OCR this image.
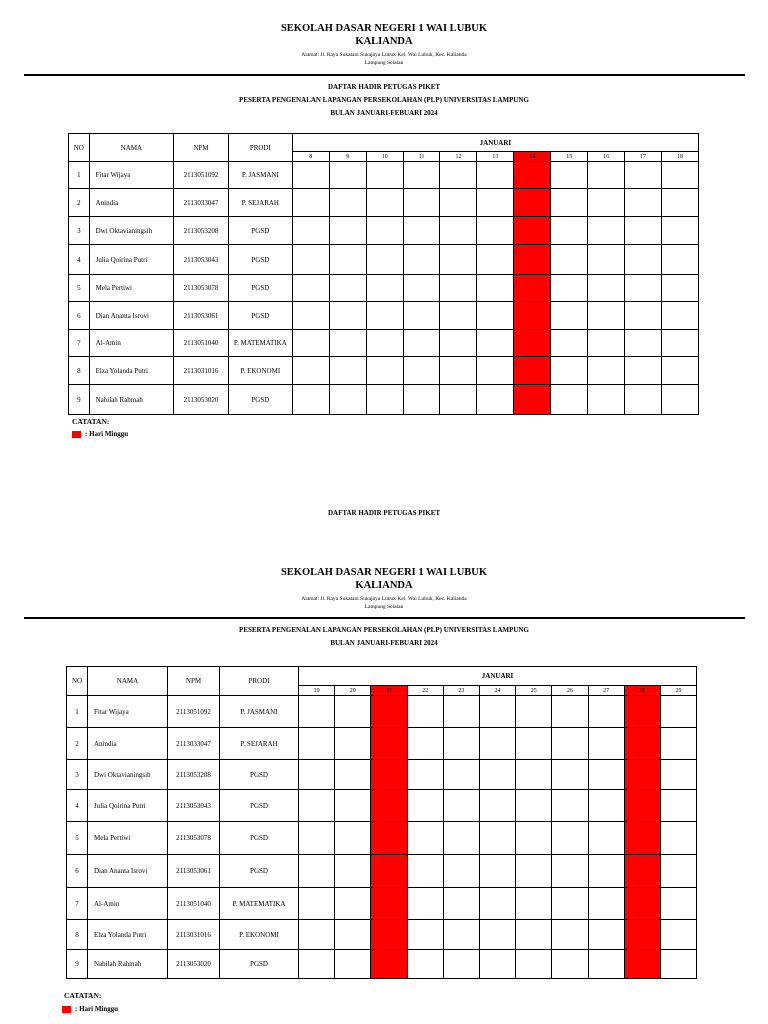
SEKOLAH DASAR NEGERI 1 WAI LUBUK
KALIANDA
Alamat: Jl. Raya Sukatani Sukajaya Lubuk Kel. Wai Lubuk, Kec. Kalianda
Lampung Selatan
DAFTAR HADIR PETUGAS PIKET
PESERTA PENGENALAN LAPANGAN PERSEKOLAHAN (PLP) UNIVERSITAS LAMPUNG
BULAN JANUARI-FEBUARI 2024
NO	NAMA	NPM	PRODI	JANUARI										
				8	9	10	11	12	13	14	15	16	17	18
1	Fitar Wijaya	2113051092	P. JASMANI											
2	Anindia	2113033047	P. SEJARAH											
3	Dwi Oktavianingsih	2113053208	PGSD											
4	Julia Qoirina Putri	2113053043	PGSD											
5	Mela Pertiwi	2113053078	PGSD											
6	Dian Ananta Isrovi	2113053061	PGSD											
7	Al-Amin	2113051040	P. MATEMATIKA											
8	Elza Yolanda Putri	2113031016	P. EKONOMI											
9	Nabilah Rahmah	2113053020	PGSD											
CATATAN:
: Hari Minggu
DAFTAR HADIR PETUGAS PIKET
SEKOLAH DASAR NEGERI 1 WAI LUBUK
KALIANDA
Alamat: Jl. Raya Sukatani Sukajaya Lubuk Kel. Wai Lubuk, Kec. Kalianda
Lampung Selatan
PESERTA PENGENALAN LAPANGAN PERSEKOLAHAN (PLP) UNIVERSITAS LAMPUNG
BULAN JANUARI-FEBUARI 2024
NO	NAMA	NPM	PRODI	JANUARI										
				19	20	21	22	23	24	25	26	27	28	29
1	Fitar Wijaya	2113051092	P. JASMANI											
2	Anindia	2113033047	P. SEJARAH											
3	Dwi Oktavianingsih	2113053208	PGSD											
4	Julia Qoirina Putri	2113053043	PGSD											
5	Mela Pertiwi	2113053078	PGSD											
6	Dian Ananta Isrovi	2113053061	PGSD											
7	Al-Amin	2113051040	P. MATEMATIKA											
8	Elza Yolanda Putri	2113031016	P. EKONOMI											
9	Nabilah Rahmah	2113053020	PGSD											
CATATAN:
: Hari Minggu
